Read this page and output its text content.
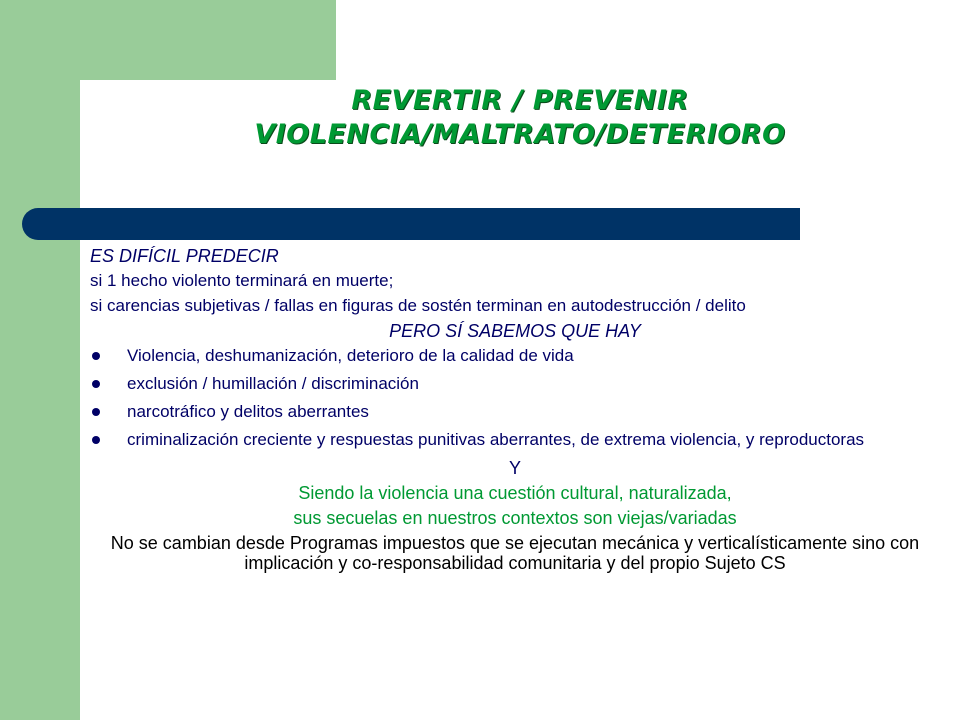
REVERTIR / PREVENIR
VIOLENCIA/MALTRATO/DETERIORO
ES DIFÍCIL PREDECIR
si 1 hecho violento terminará en muerte;
si carencias subjetivas / fallas en figuras de sostén terminan en autodestrucción / delito
PERO SÍ SABEMOS QUE HAY
Violencia, deshumanización, deterioro de la calidad de vida
exclusión / humillación / discriminación
narcotráfico y delitos aberrantes
criminalización creciente y respuestas punitivas aberrantes, de extrema violencia, y reproductoras
Y
Siendo la violencia una cuestión cultural, naturalizada,
sus secuelas en nuestros contextos son viejas/variadas
No se cambian desde Programas impuestos que se ejecutan mecánica y verticalísticamente sino con implicación y co-responsabilidad comunitaria y del propio Sujeto CS
